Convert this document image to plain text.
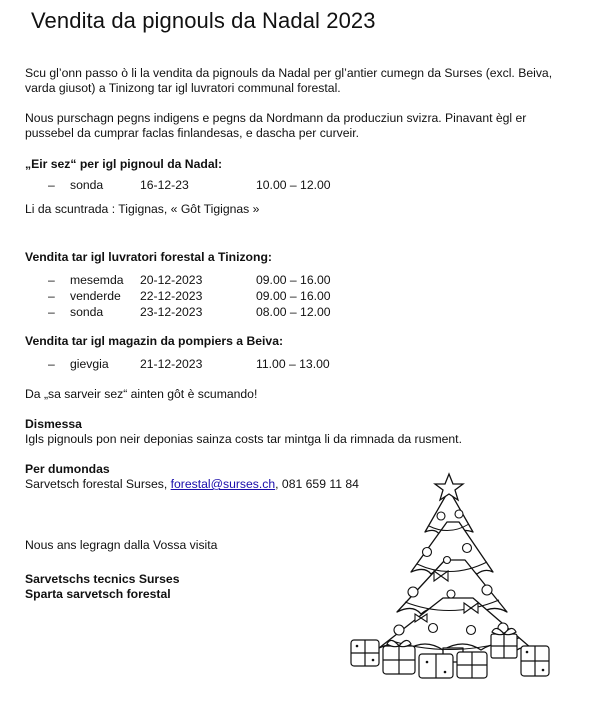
Vendita da pignouls da Nadal 2023

Scu gl’onn passo ò li la vendita da pignouls da Nadal per gl’antier cumegn da Surses (excl. Beiva, varda giusot) a Tinizong tar igl luvratori communal forestal.

Nous purschagn pegns indigens e pegns da Nordmann da producziun svizra. Pinavant ègl er pussebel da cumprar faclas finlandesas, e dascha per curveir.

„Eir sez“ per igl pignoul da Nadal:

– sonda	16-12-23	10.00 – 12.00

Li da scuntrada : Tigignas, « Gôt Tigignas »

Vendita tar igl luvratori forestal a Tinizong:

– mesemda 20-12-2023	09.00 – 16.00
– venderde 22-12-2023	09.00 – 16.00
– sonda	23-12-2023	08.00 – 12.00

Vendita tar igl magazin da pompiers a Beiva:

– gievgia	21-12-2023	11.00 – 13.00

Da „sa sarveir sez“ ainten gôt è scumando!

Dismessa

Igls pignouls pon neir deponias sainza costs tar mintga li da rimnada da rusment.

Per dumondas

Sarvetsch forestal Surses, forestal@surses.ch, 081 659 11 84

Nous ans legragn dalla Vossa visita

Sarvetschs tecnics Surses

Sparta sarvetsch forestal
